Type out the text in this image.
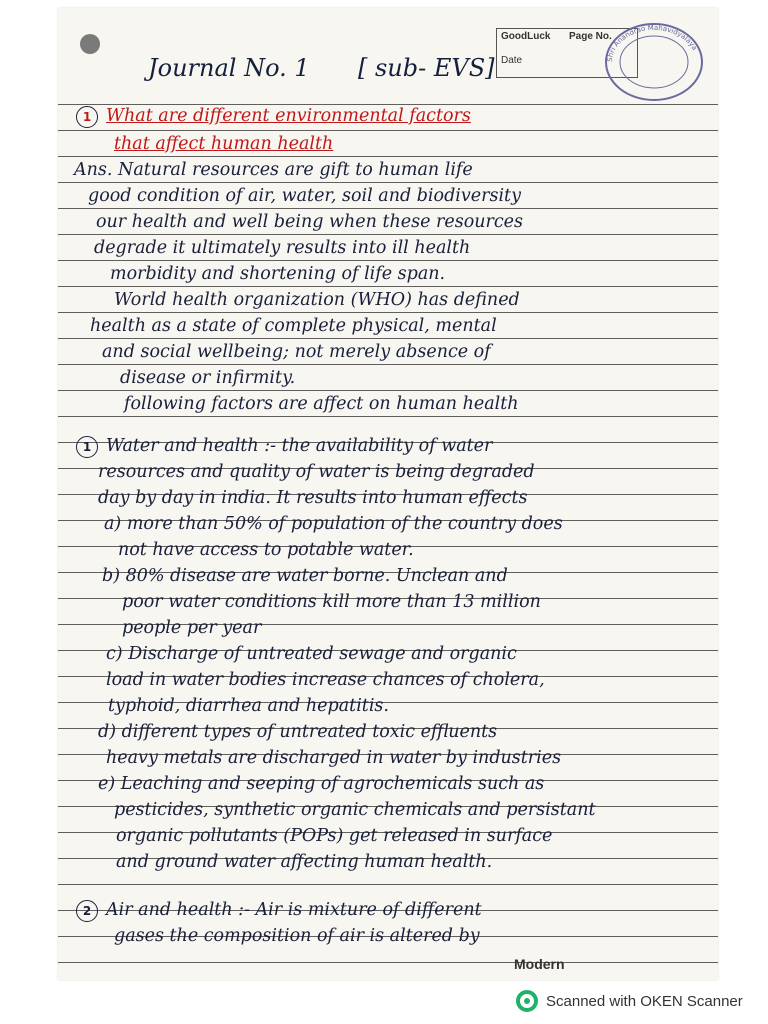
GoodLuck Page No.
Date	Shri Anandrao Mahavidyalaya
Journal No. 1 [ sub- EVS]
1 What are different environmental factors
that affect human health
Ans. Natural resources are gift to human life
good condition of air, water, soil and biodiversity
our health and well being when these resources
degrade it ultimately results into ill health
morbidity and shortening of life span.
World health organization (WHO) has defined
health as a state of complete physical, mental
and social wellbeing; not merely absence of
disease or infirmity.
following factors are affect on human health
1 Water and health :- the availability of water
resources and quality of water is being degraded
day by day in india. It results into human effects
a) more than 50% of population of the country does
not have access to potable water.
b) 80% disease are water borne. Unclean and
poor water conditions kill more than 13 million
people per year
c) Discharge of untreated sewage and organic
load in water bodies increase chances of cholera,
typhoid, diarrhea and hepatitis.
d) different types of untreated toxic effluents
heavy metals are discharged in water by industries
e) Leaching and seeping of agrochemicals such as
pesticides, synthetic organic chemicals and persistant
organic pollutants (POPs) get released in surface
and ground water affecting human health.
2 Air and health :- Air is mixture of different
gases the composition of air is altered by
Modern
Scanned with OKEN Scanner
